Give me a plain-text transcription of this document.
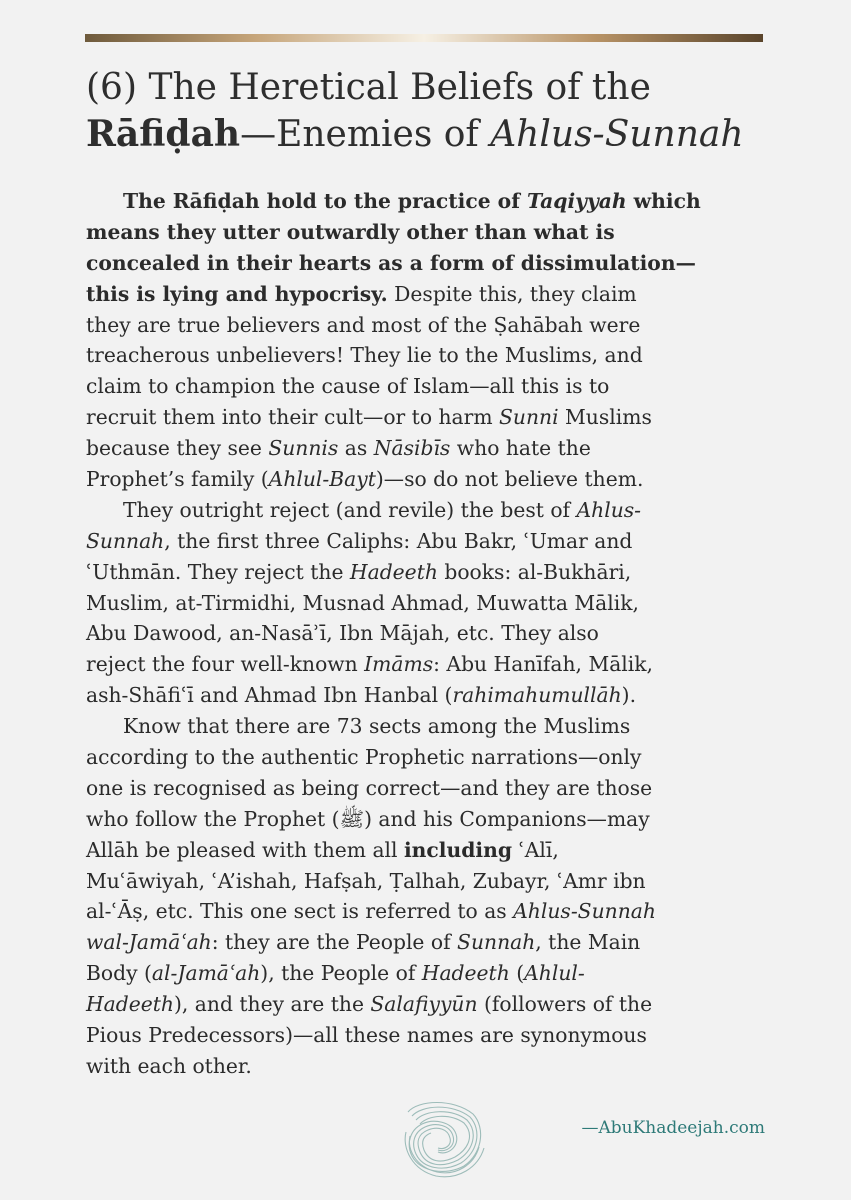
(6) The Heretical Beliefs of the
Rāfiḍah—Enemies of Ahlus-Sunnah
The Rāfiḍah hold to the practice of Taqiyyah which
means they utter outwardly other than what is
concealed in their hearts as a form of dissimulation—
this is lying and hypocrisy. Despite this, they claim
they are true believers and most of the Ṣahābah were
treacherous unbelievers! They lie to the Muslims, and
claim to champion the cause of Islam—all this is to
recruit them into their cult—or to harm Sunni Muslims
because they see Sunnis as Nāsibīs who hate the
Prophet’s family (Ahlul-Bayt)—so do not believe them.
They outright reject (and revile) the best of Ahlus-
Sunnah, the first three Caliphs: Abu Bakr, ʿUmar and
ʿUthmān. They reject the Hadeeth books: al-Bukhāri,
Muslim, at-Tirmidhi, Musnad Ahmad, Muwatta Mālik,
Abu Dawood, an-Nasāʾī, Ibn Mājah, etc. They also
reject the four well-known Imāms: Abu Hanīfah, Mālik,
ash-Shāfiʿī and Ahmad Ibn Hanbal (rahimahumullāh).
Know that there are 73 sects among the Muslims
according to the authentic Prophetic narrations—only
one is recognised as being correct—and they are those
who follow the Prophet (ﷺ) and his Companions—may
Allāh be pleased with them all including ʿAlī,
Muʿāwiyah, ʿA’ishah, Hafṣah, Ṭalhah, Zubayr, ʿAmr ibn
al-ʿĀṣ, etc. This one sect is referred to as Ahlus-Sunnah
wal-Jamāʿah: they are the People of Sunnah, the Main
Body (al-Jamāʿah), the People of Hadeeth (Ahlul-
Hadeeth), and they are the Salafiyyūn (followers of the
Pious Predecessors)—all these names are synonymous
with each other.
—AbuKhadeejah.com
